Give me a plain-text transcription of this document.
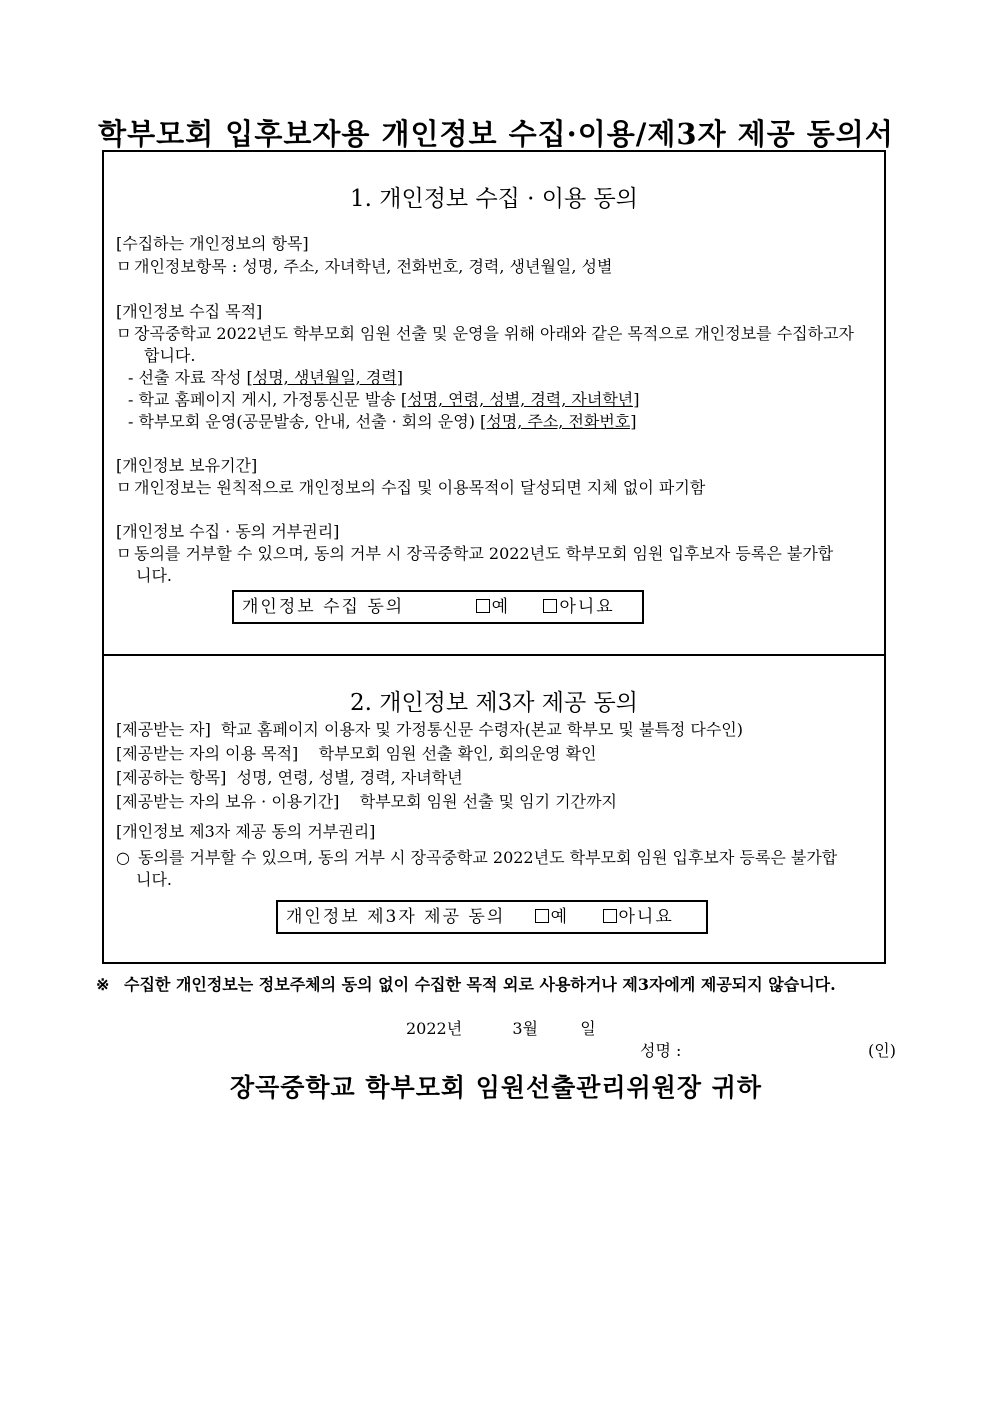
학부모회 입후보자용 개인정보 수집·이용/제3자 제공 동의서
1. 개인정보 수집 · 이용 동의
[수집하는 개인정보의 항목]
ㅁ 개인정보항목 : 성명, 주소, 자녀학년, 전화번호, 경력, 생년월일, 성별
[개인정보 수집 목적]
ㅁ 장곡중학교 2022년도 학부모회 임원 선출 및 운영을 위해 아래와 같은 목적으로 개인정보를 수집하고자
합니다.
- 선출 자료 작성 [성명, 생년월일, 경력]
- 학교 홈페이지 게시, 가정통신문 발송 [성명, 연령, 성별, 경력, 자녀학년]
- 학부모회 운영(공문발송, 안내, 선출 · 회의 운영) [성명, 주소, 전화번호]
[개인정보 보유기간]
ㅁ 개인정보는 원칙적으로 개인정보의 수집 및 이용목적이 달성되면 지체 없이 파기함
[개인정보 수집 · 동의 거부권리]
ㅁ 동의를 거부할 수 있으며, 동의 거부 시 장곡중학교 2022년도 학부모회 임원 입후보자 등록은 불가합
니다.
개인정보 수집 동의	예	아니요
2. 개인정보 제3자 제공 동의
[제공받는 자] 학교 홈페이지 이용자 및 가정통신문 수령자(본교 학부모 및 불특정 다수인)
[제공받는 자의 이용 목적] 학부모회 임원 선출 확인, 회의운영 확인
[제공하는 항목] 성명, 연령, 성별, 경력, 자녀학년
[제공받는 자의 보유 · 이용기간] 학부모회 임원 선출 및 임기 기간까지
[개인정보 제3자 제공 동의 거부권리]
○ 동의를 거부할 수 있으며, 동의 거부 시 장곡중학교 2022년도 학부모회 임원 입후보자 등록은 불가합
니다.
개인정보 제3자 제공 동의	예	아니요
※ 수집한 개인정보는 정보주체의 동의 없이 수집한 목적 외로 사용하거나 제3자에게 제공되지 않습니다.
2022년	3월	일
성명 :	(인)
장곡중학교 학부모회 임원선출관리위원장 귀하
